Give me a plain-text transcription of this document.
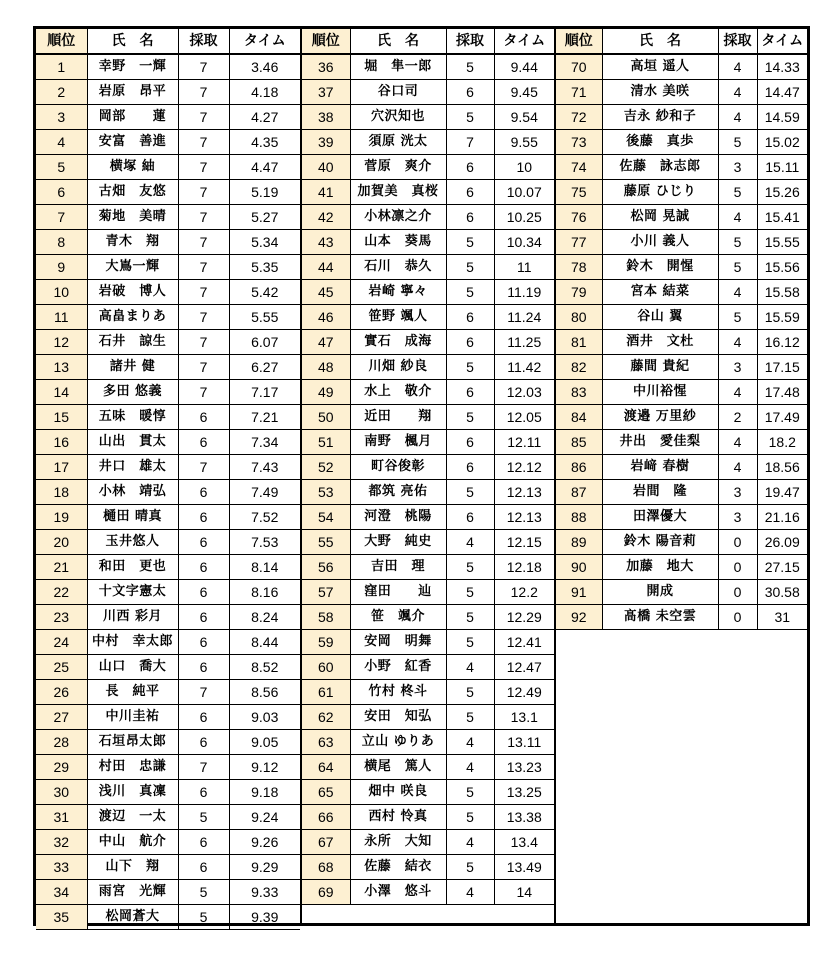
順位	氏　名	採取	タイム
1	幸野　一輝	7	3.46
2	岩原　昂平	7	4.18
3	岡部　　蓮	7	4.27
4	安富　善進	7	4.35
5	横塚 紬	7	4.47
6	古畑　友悠	7	5.19
7	菊地　美晴	7	5.27
8	青木　翔	7	5.34
9	大嶌一輝	7	5.35
10	岩破　博人	7	5.42
11	高畠まりあ	7	5.55
12	石井　諒生	7	6.07
13	諸井 健	7	6.27
14	多田 悠義	7	7.17
15	五味　暖惇	6	7.21
16	山出　貫太	6	7.34
17	井口　雄太	7	7.43
18	小林　靖弘	6	7.49
19	樋田 晴真	6	7.52
20	玉井悠人	6	7.53
21	和田　更也	6	8.14
22	十文字憲太	6	8.16
23	川西 彩月	6	8.24
24	中村　幸太郎	6	8.44
25	山口　喬大	6	8.52
26	長　純平	7	8.56
27	中川圭祐	6	9.03
28	石垣昂太郎	6	9.05
29	村田　忠謙	7	9.12
30	浅川　真凜	6	9.18
31	渡辺　一太	5	9.24
32	中山　航介	6	9.26
33	山下　翔	6	9.29
34	雨宮　光輝	5	9.33
35	松岡蒼大	5	9.39
順位	氏　名	採取	タイム
36	堀　隼一郎	5	9.44
37	谷口司	6	9.45
38	穴沢知也	5	9.54
39	須原 洸太	7	9.55
40	菅原　爽介	6	10
41	加賀美　真桜	6	10.07
42	小林凛之介	6	10.25
43	山本　葵馬	5	10.34
44	石川　恭久	5	11
45	岩崎 寧々	5	11.19
46	笹野 颯人	6	11.24
47	實石　成海	6	11.25
48	川畑 紗良	5	11.42
49	水上　敬介	6	12.03
50	近田　　翔	5	12.05
51	南野　楓月	6	12.11
52	町谷俊彰	6	12.12
53	都筑 亮佑	5	12.13
54	河澄　桃陽	6	12.13
55	大野　純史	4	12.15
56	吉田　理	5	12.18
57	窪田　　辿	5	12.2
58	笹　颯介	5	12.29
59	安岡　明舞	5	12.41
60	小野　紅香	4	12.47
61	竹村 柊斗	5	12.49
62	安田　知弘	5	13.1
63	立山 ゆりあ	4	13.11
64	横尾　篤人	4	13.23
65	畑中 咲良	5	13.25
66	西村 怜真	5	13.38
67	永所　大知	4	13.4
68	佐藤　結衣	5	13.49
69	小澤　悠斗	4	14
順位	氏　名	採取	タイム
70	高垣 遥人	4	14.33
71	清水 美咲	4	14.47
72	吉永 紗和子	4	14.59
73	後藤　真歩	5	15.02
74	佐藤　詠志郎	3	15.11
75	藤原 ひじり	5	15.26
76	松岡 晃誠	4	15.41
77	小川 義人	5	15.55
78	鈴木　開惺	5	15.56
79	宮本 結菜	4	15.58
80	谷山 翼	5	15.59
81	酒井　文杜	4	16.12
82	藤間 貴紀	3	17.15
83	中川裕惺	4	17.48
84	渡邉 万里紗	2	17.49
85	井出　愛佳梨	4	18.2
86	岩﨑 春樹	4	18.56
87	岩間　隆	3	19.47
88	田澤優大	3	21.16
89	鈴木 陽音莉	0	26.09
90	加藤　地大	0	27.15
91	開成	0	30.58
92	髙橋 未空雲	0	31
